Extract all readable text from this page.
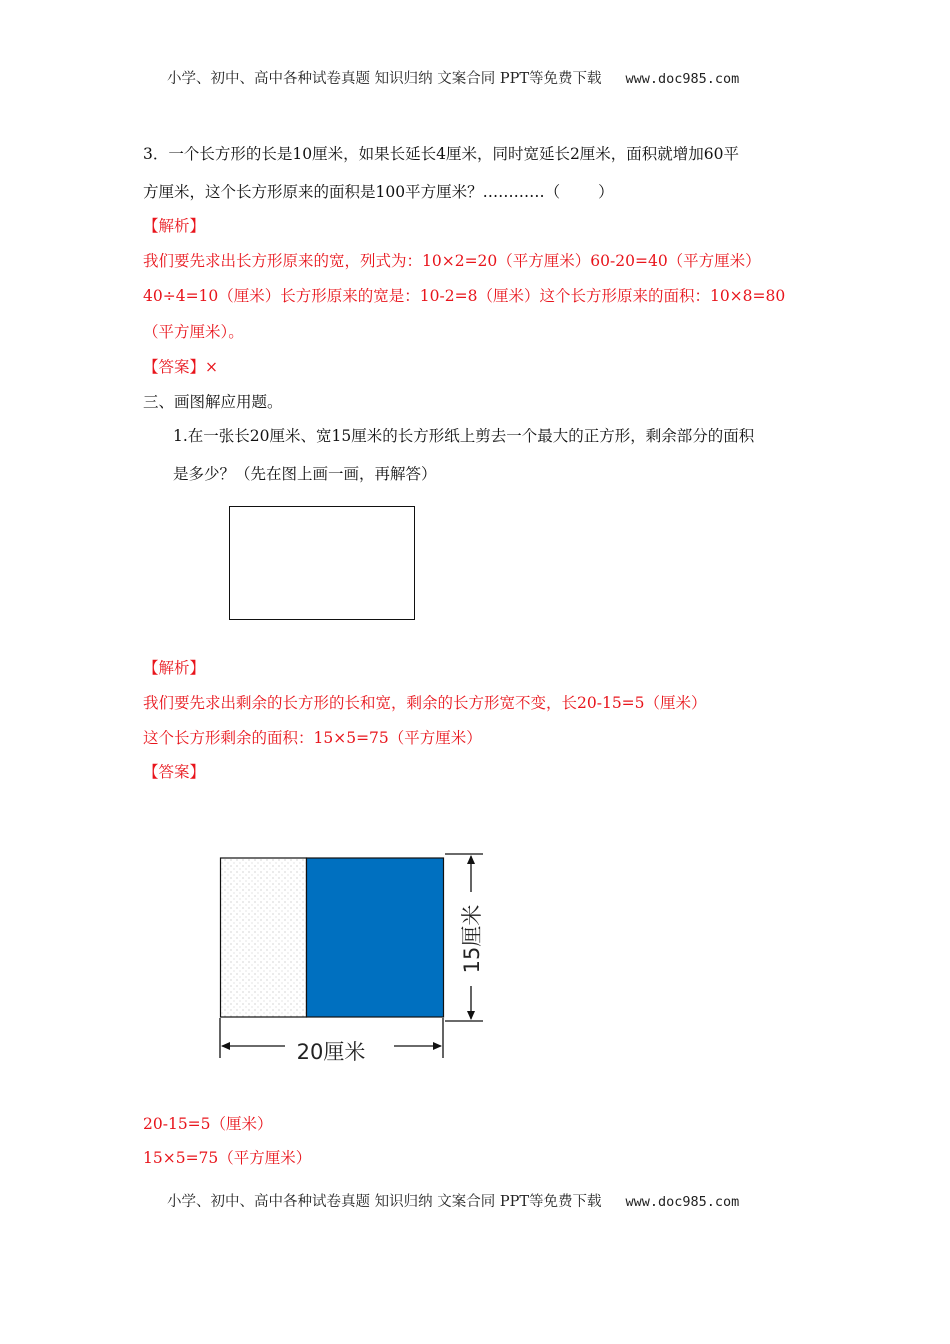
小学、初中、高中各种试卷真题 知识归纳 文案合同 PPT等免费下载 www.doc985.com
3．一个长方形的长是10厘米，如果长延长4厘米，同时宽延长2厘米，面积就增加60平
方厘米，这个长方形原来的面积是100平方厘米？…………（ ）
【解析】
我们要先求出长方形原来的宽，列式为：10×2=20（平方厘米）60-20=40（平方厘米）
40÷4=10（厘米）长方形原来的宽是：10-2=8（厘米）这个长方形原来的面积：10×8=80
（平方厘米）。
【答案】×
三、画图解应用题。
1.在一张长20厘米、宽15厘米的长方形纸上剪去一个最大的正方形，剩余部分的面积
是多少？（先在图上画一画，再解答）
【解析】
我们要先求出剩余的长方形的长和宽，剩余的长方形宽不变，长20-15=5（厘米）
这个长方形剩余的面积：15×5=75（平方厘米）
【答案】
15厘米
20厘米
20-15=5（厘米）
15×5=75（平方厘米）
小学、初中、高中各种试卷真题 知识归纳 文案合同 PPT等免费下载 www.doc985.com
